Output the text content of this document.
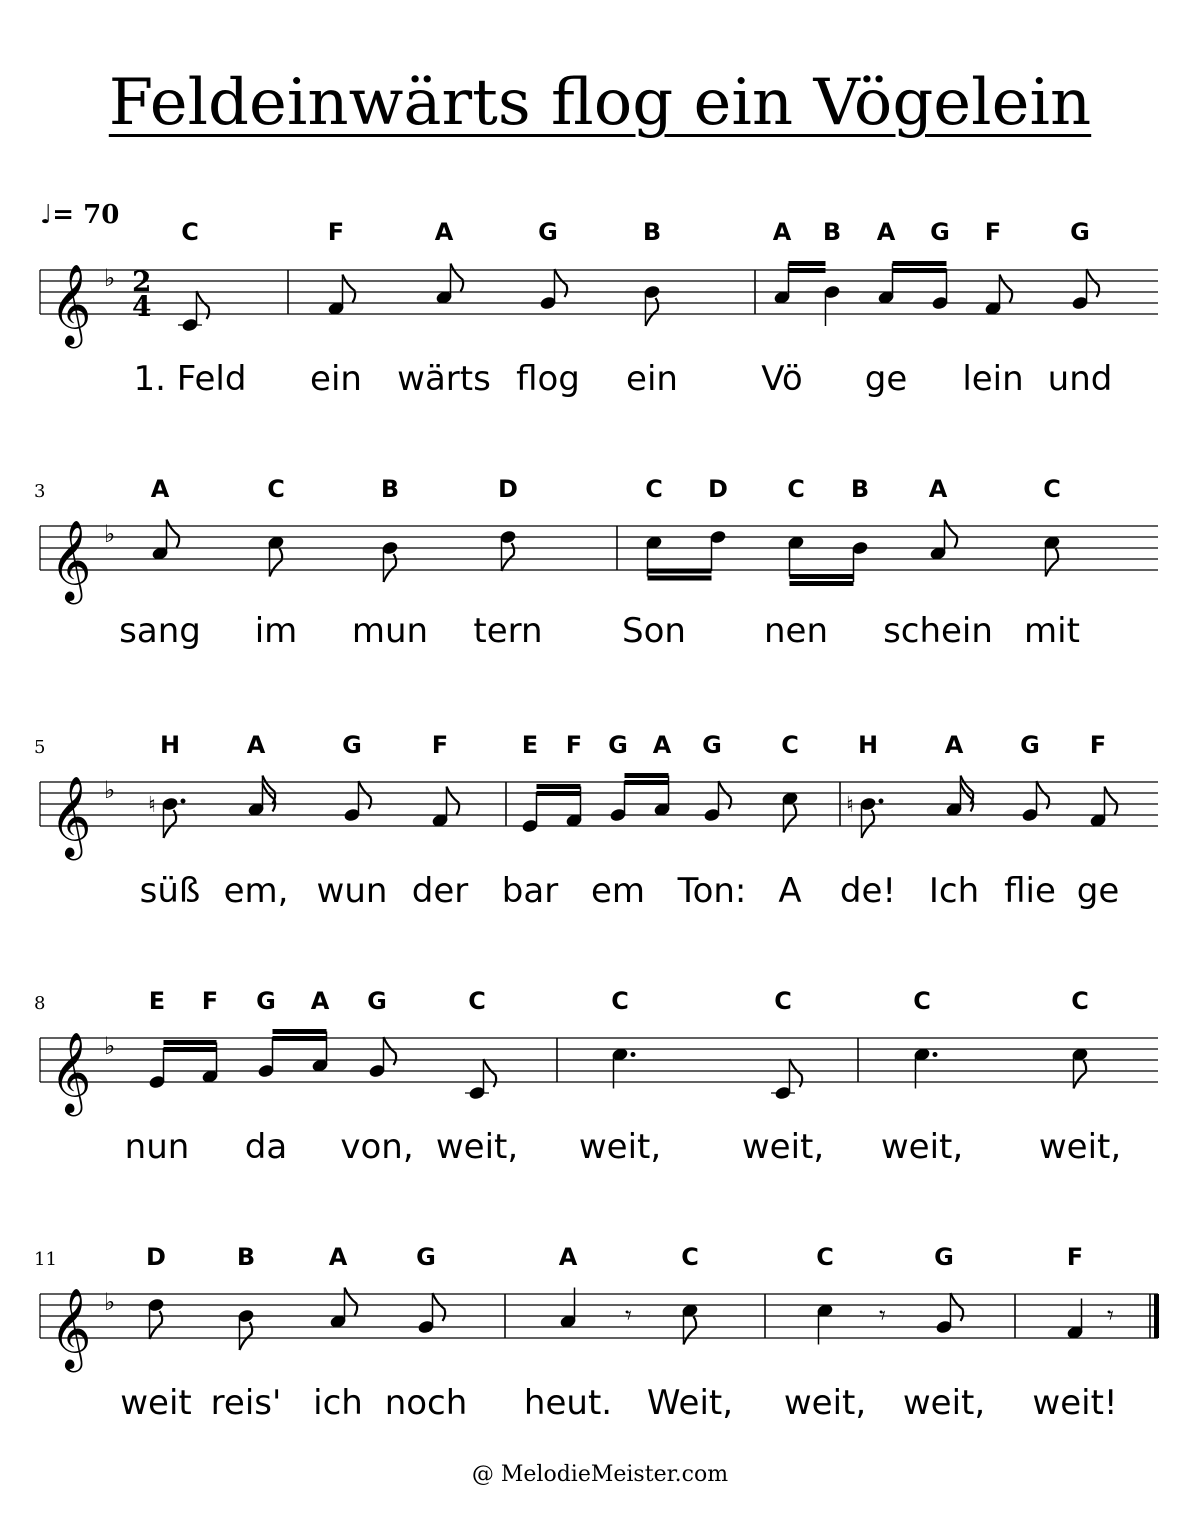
Feldeinwärts flog ein Vögelein
♩= 70
𝄞 ♭ 2
4
C
1. Feld
F
ein
A
wärts
G
flog
B
ein
A
Vö
B A
ge
G F
lein
G
und
𝄞 ♭
3	A
sang
C
im
B
mun
D
tern
C
Son
D C
nen
B A
schein
C
mit
𝄞 ♭
5	H
♮
süß
A
em,
G
wun
F
der
E
bar
F G
em
A G
Ton:
C
A
H
♮
de!
A
Ich
G
flie
F
ge
𝄞 ♭
8	E
nun
F G
da
A G
von,
C
weit,
C
weit,
C
weit,
C
weit,
C
weit,
𝄞 ♭
11	D
weit
B
reis'
A
ich
G
noch
A
heut.
𝄾
C
Weit,
C
weit,
𝄾
G
weit,
F
weit!
𝄾
@ MelodieMeister.com
